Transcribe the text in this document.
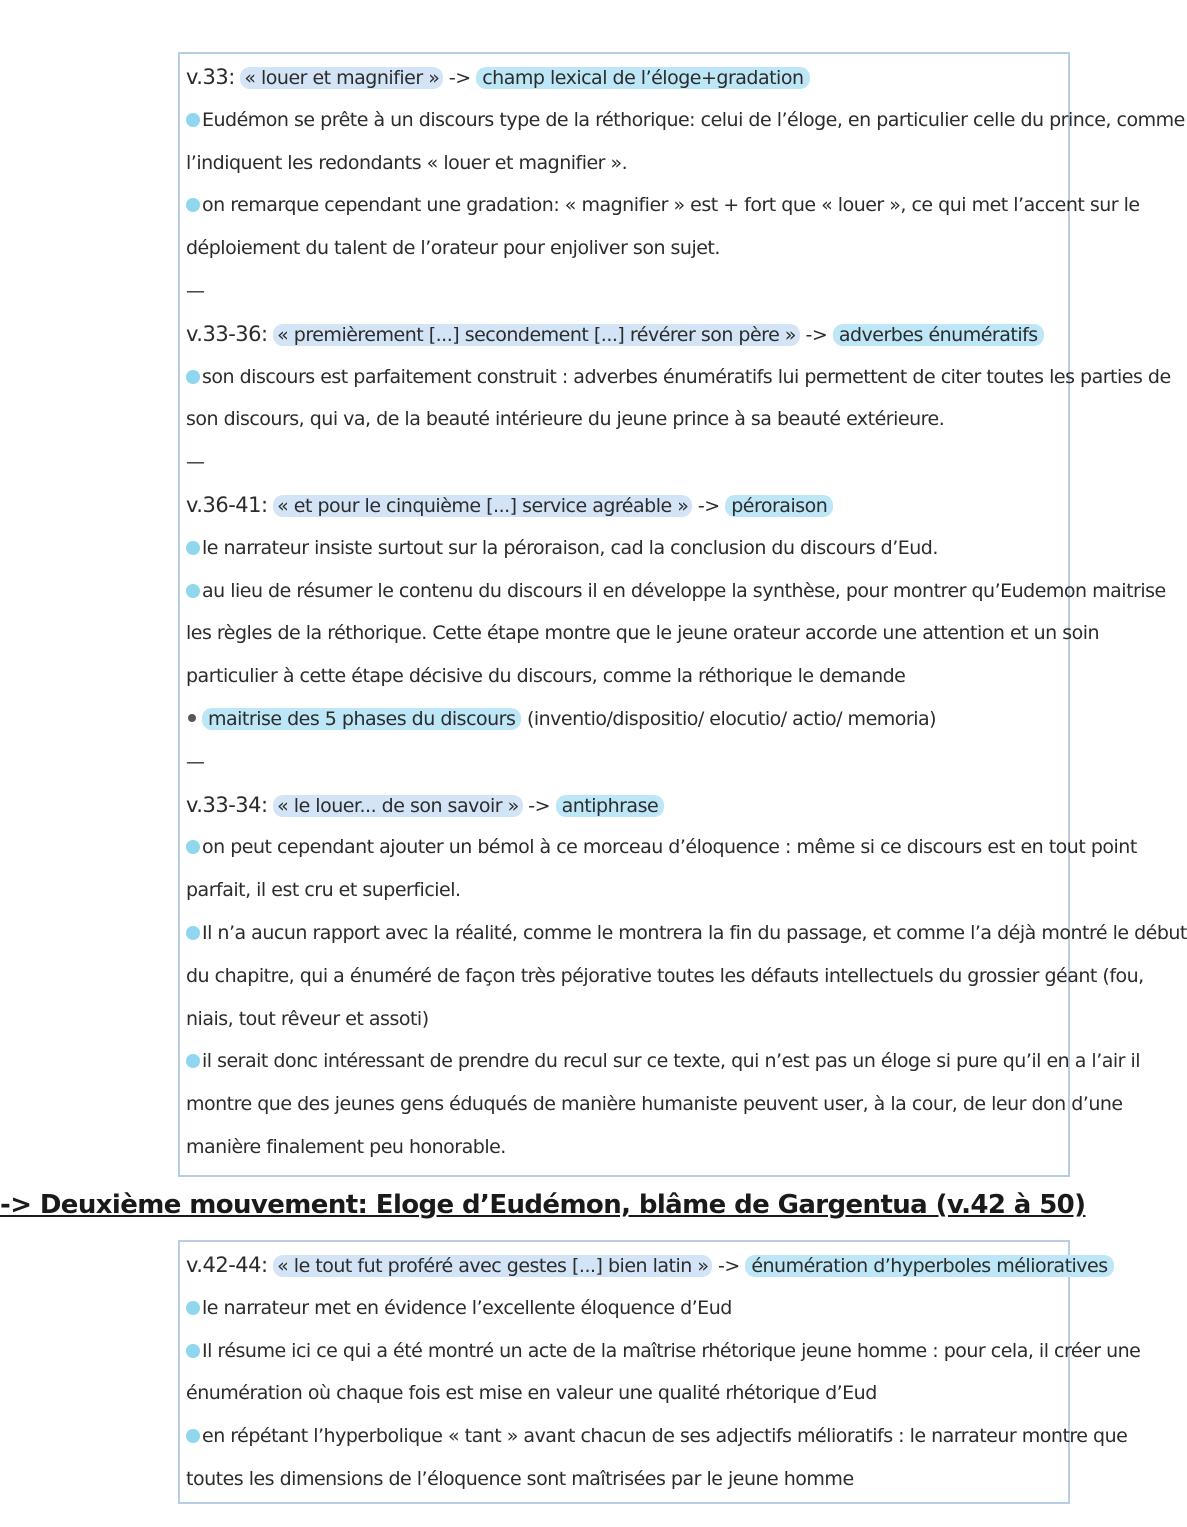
v.33: « louer et magnifier » -> champ lexical de l’éloge+gradation
Eudémon se prête à un discours type de la réthorique: celui de l’éloge, en particulier celle du prince, comme
l’indiquent les redondants « louer et magnifier ».
on remarque cependant une gradation: « magnifier » est + fort que « louer », ce qui met l’accent sur le
déploiement du talent de l’orateur pour enjoliver son sujet.
—
v.33-36: « premièrement [...] secondement [...] révérer son père » -> adverbes énumératifs
son discours est parfaitement construit : adverbes énumératifs lui permettent de citer toutes les parties de
son discours, qui va, de la beauté intérieure du jeune prince à sa beauté extérieure.
—
v.36-41: « et pour le cinquième [...] service agréable » -> péroraison
le narrateur insiste surtout sur la péroraison, cad la conclusion du discours d’Eud.
au lieu de résumer le contenu du discours il en développe la synthèse, pour montrer qu’Eudemon maitrise
les règles de la réthorique. Cette étape montre que le jeune orateur accorde une attention et un soin
particulier à cette étape décisive du discours, comme la réthorique le demande
maitrise des 5 phases du discours (inventio/dispositio/ elocutio/ actio/ memoria)
—
v.33-34: « le louer... de son savoir » -> antiphrase
on peut cependant ajouter un bémol à ce morceau d’éloquence : même si ce discours est en tout point
parfait, il est cru et superficiel.
Il n’a aucun rapport avec la réalité, comme le montrera la fin du passage, et comme l’a déjà montré le début
du chapitre, qui a énuméré de façon très péjorative toutes les défauts intellectuels du grossier géant (fou,
niais, tout rêveur et assoti)
il serait donc intéressant de prendre du recul sur ce texte, qui n’est pas un éloge si pure qu’il en a l’air il
montre que des jeunes gens éduqués de manière humaniste peuvent user, à la cour, de leur don d’une
manière finalement peu honorable.
-> Deuxième mouvement: Eloge d’Eudémon, blâme de Gargentua (v.42 à 50)
v.42-44: « le tout fut proféré avec gestes [...] bien latin » -> énumération d’hyperboles mélioratives
le narrateur met en évidence l’excellente éloquence d’Eud
Il résume ici ce qui a été montré un acte de la maîtrise rhétorique jeune homme : pour cela, il créer une
énumération où chaque fois est mise en valeur une qualité rhétorique d’Eud
en répétant l’hyperbolique « tant » avant chacun de ses adjectifs mélioratifs : le narrateur montre que
toutes les dimensions de l’éloquence sont maîtrisées par le jeune homme
